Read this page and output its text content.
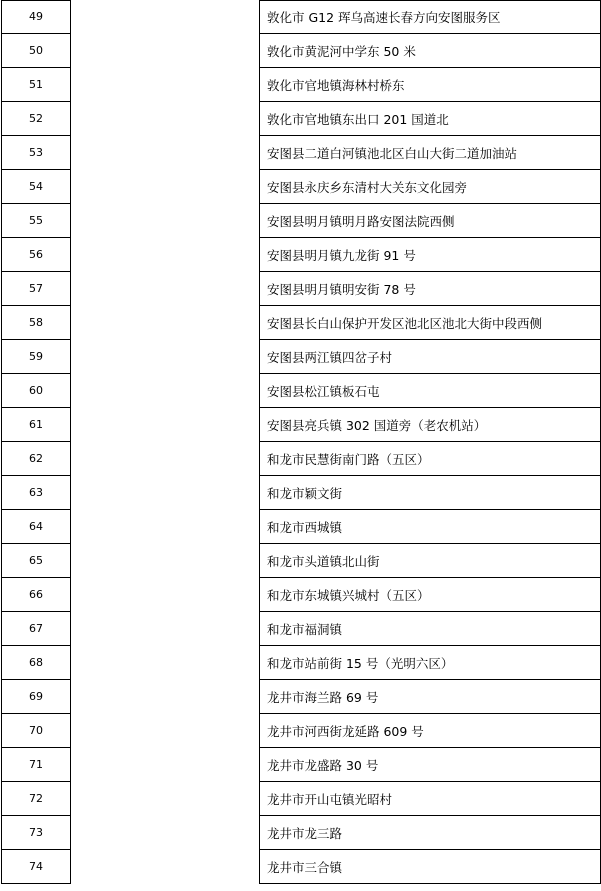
49	敦化市 G12 珲乌高速长春方向安图服务区
50	敦化市黄泥河中学东 50 米
51	敦化市官地镇海林村桥东
52	敦化市官地镇东出口 201 国道北
53	安图县二道白河镇池北区白山大街二道加油站
54	安图县永庆乡东清村大关东文化园旁
55	安图县明月镇明月路安图法院西侧
56	安图县明月镇九龙街 91 号
57	安图县明月镇明安街 78 号
58	安图县长白山保护开发区池北区池北大街中段西侧
59	安图县两江镇四岔子村
60	安图县松江镇板石屯
61	安图县亮兵镇 302 国道旁（老农机站）
62	和龙市民慧街南门路（五区）
63	和龙市颖文街
64	和龙市西城镇
65	和龙市头道镇北山街
66	和龙市东城镇兴城村（五区）
67	和龙市福洞镇
68	和龙市站前街 15 号（光明六区）
69	龙井市海兰路 69 号
70	龙井市河西街龙延路 609 号
71	龙井市龙盛路 30 号
72	龙井市开山屯镇光昭村
73	龙井市龙三路
74	龙井市三合镇
